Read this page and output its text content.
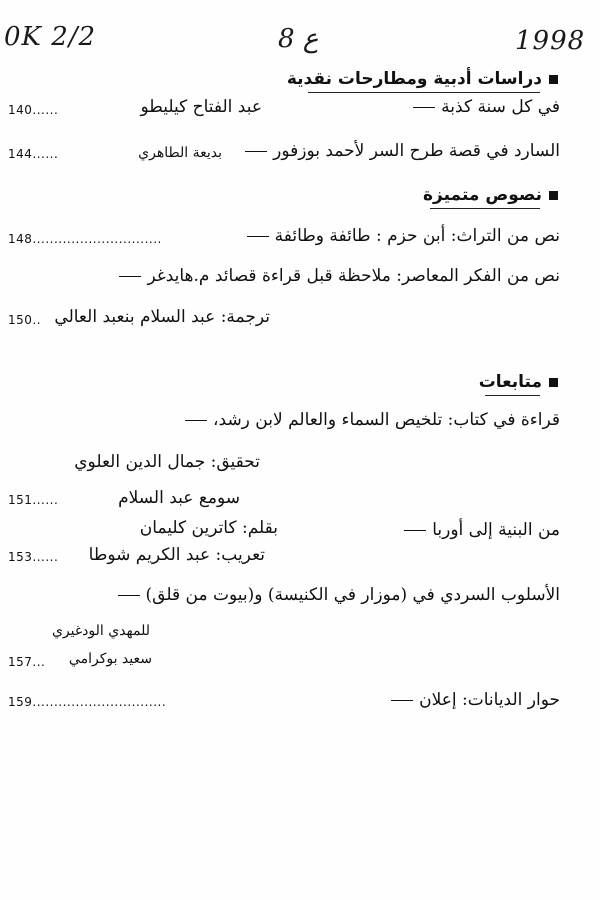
0K 2/2	8 ع	1998
دراسات أدبية ومطارحات نقدية
في كل سنة كذبة
عبد الفتاح كيليطو
140......
السارد في قصة طرح السر لأحمد بوزفور
بديعة الطاهري
144......
نصوص متميزة
نص من التراث: أبن حزم : طائفة وطائفة
148..............................
نص من الفكر المعاصر: ملاحظة قبل قراءة قصائد م.هايدغر
ترجمة: عبد السلام بنعبد العالي
150..
متابعات
قراءة في كتاب: تلخيص السماء والعالم لابن رشد،
تحقيق: جمال الدين العلوي
سومع عبد السلام
151......
من البنية إلى أوربا
بقلم: كاترين كليمان
تعريب: عبد الكريم شوطا
153......
الأسلوب السردي في (موزار في الكنيسة) و(بيوت من قلق)
للمهدي الودغيري
سعيد بوكرامي
157...
حوار الديانات: إعلان
159...............................
